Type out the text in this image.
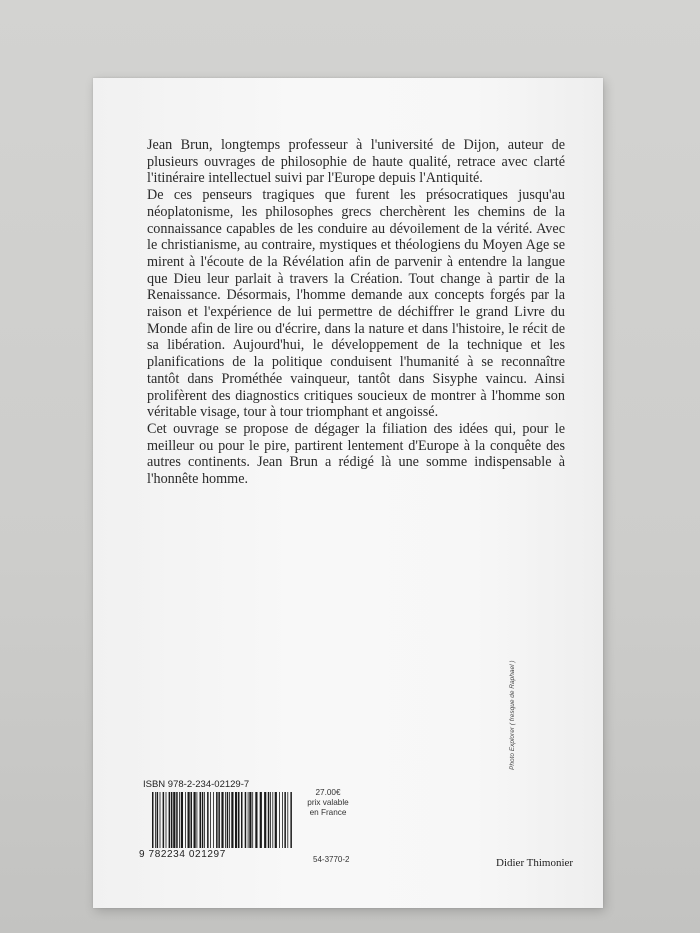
Jean Brun, longtemps professeur à l'université de Dijon, auteur de plusieurs ouvrages de philosophie de haute qualité, retrace avec clarté l'itinéraire intellectuel suivi par l'Europe depuis l'Antiquité.

De ces penseurs tragiques que furent les présocratiques jusqu'au néoplatonisme, les philosophes grecs cherchèrent les chemins de la connaissance capables de les conduire au dévoilement de la vérité. Avec le christianisme, au contraire, mystiques et théologiens du Moyen Age se mirent à l'écoute de la Révélation afin de parvenir à entendre la langue que Dieu leur parlait à travers la Création. Tout change à partir de la Renaissance. Désormais, l'homme demande aux concepts forgés par la raison et l'expérience de lui permettre de déchiffrer le grand Livre du Monde afin de lire ou d'écrire, dans la nature et dans l'histoire, le récit de sa libération. Aujourd'hui, le développement de la technique et les planifications de la politique conduisent l'humanité à se reconnaître tantôt dans Prométhée vainqueur, tantôt dans Sisyphe vaincu. Ainsi prolifèrent des diagnostics critiques soucieux de montrer à l'homme son véritable visage, tour à tour triomphant et angoissé.

Cet ouvrage se propose de dégager la filiation des idées qui, pour le meilleur ou pour le pire, partirent lentement d'Europe à la conquête des autres continents. Jean Brun a rédigé là une somme indispensable à l'honnête homme.

ISBN 978-2-234-02129-7
9 782234 021297
27.00€
prix valable
en France
54-3770-2	Didier Thimonier
Photo Explorer ( fresque de Raphael )
